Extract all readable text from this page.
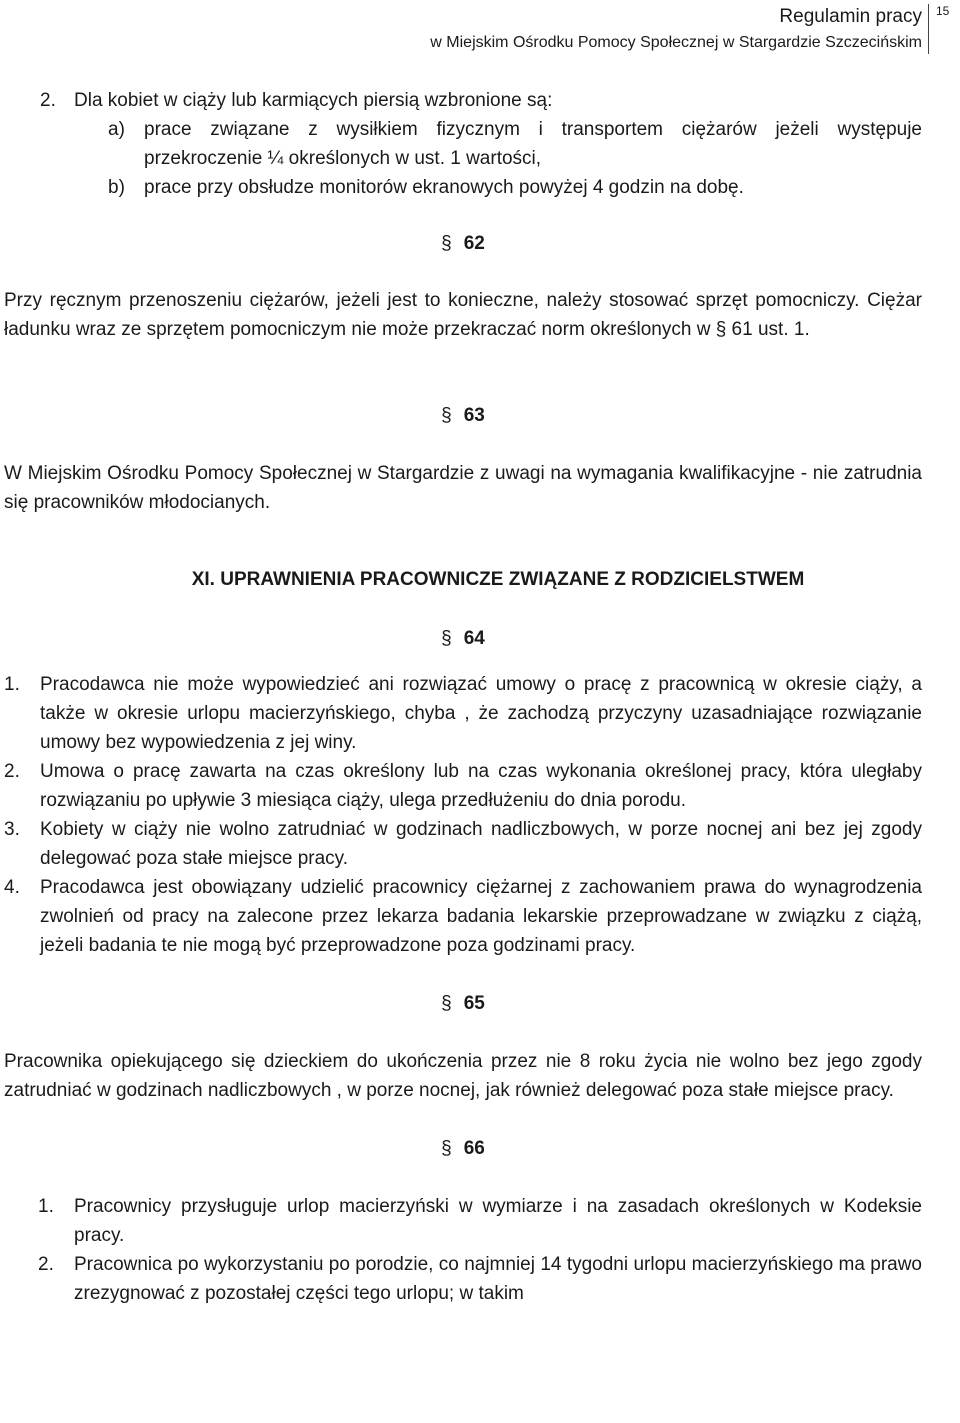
Regulamin pracy
w Miejskim Ośrodku Pomocy Społecznej w Stargardzie Szczecińskim
15
2. Dla kobiet w ciąży lub karmiących piersią wzbronione są:
a)	prace związane z wysiłkiem fizycznym i transportem ciężarów jeżeli występuje przekroczenie ¼ określonych w ust. 1 wartości,
b)	prace przy obsłudze monitorów ekranowych powyżej 4 godzin na dobę.

§ 62

Przy ręcznym przenoszeniu ciężarów, jeżeli jest to konieczne, należy stosować sprzęt pomocniczy. Ciężar ładunku wraz ze sprzętem pomocniczym nie może przekraczać norm określonych w § 61 ust. 1.

§ 63

W Miejskim Ośrodku Pomocy Społecznej w Stargardzie z uwagi na wymagania kwalifikacyjne - nie zatrudnia się pracowników młodocianych.

XI. UPRAWNIENIA PRACOWNICZE ZWIĄZANE Z RODZICIELSTWEM

§ 64

1.	Pracodawca nie może wypowiedzieć ani rozwiązać umowy o pracę z pracownicą w okresie ciąży, a także w okresie urlopu macierzyńskiego, chyba , że zachodzą przyczyny uzasadniające rozwiązanie umowy bez wypowiedzenia z jej winy.
2.	Umowa o pracę zawarta na czas określony lub na czas wykonania określonej pracy, która uległaby rozwiązaniu po upływie 3 miesiąca ciąży, ulega przedłużeniu do dnia porodu.
3.	Kobiety w ciąży nie wolno zatrudniać w godzinach nadliczbowych, w porze nocnej ani bez jej zgody delegować poza stałe miejsce pracy.
4.	Pracodawca jest obowiązany udzielić pracownicy ciężarnej z zachowaniem prawa do wynagrodzenia zwolnień od pracy na zalecone przez lekarza badania lekarskie przeprowadzane w związku z ciążą, jeżeli badania te nie mogą być przeprowadzone poza godzinami pracy.

§ 65

Pracownika opiekującego się dzieckiem do ukończenia przez nie 8 roku życia nie wolno bez jego zgody zatrudniać w godzinach nadliczbowych , w porze nocnej, jak również delegować poza stałe miejsce pracy.

§ 66

1.	Pracownicy przysługuje urlop macierzyński w wymiarze i na zasadach określonych w Kodeksie pracy.
2.	Pracownica po wykorzystaniu po porodzie, co najmniej 14 tygodni urlopu macierzyńskiego ma prawo zrezygnować z pozostałej części tego urlopu; w takim
